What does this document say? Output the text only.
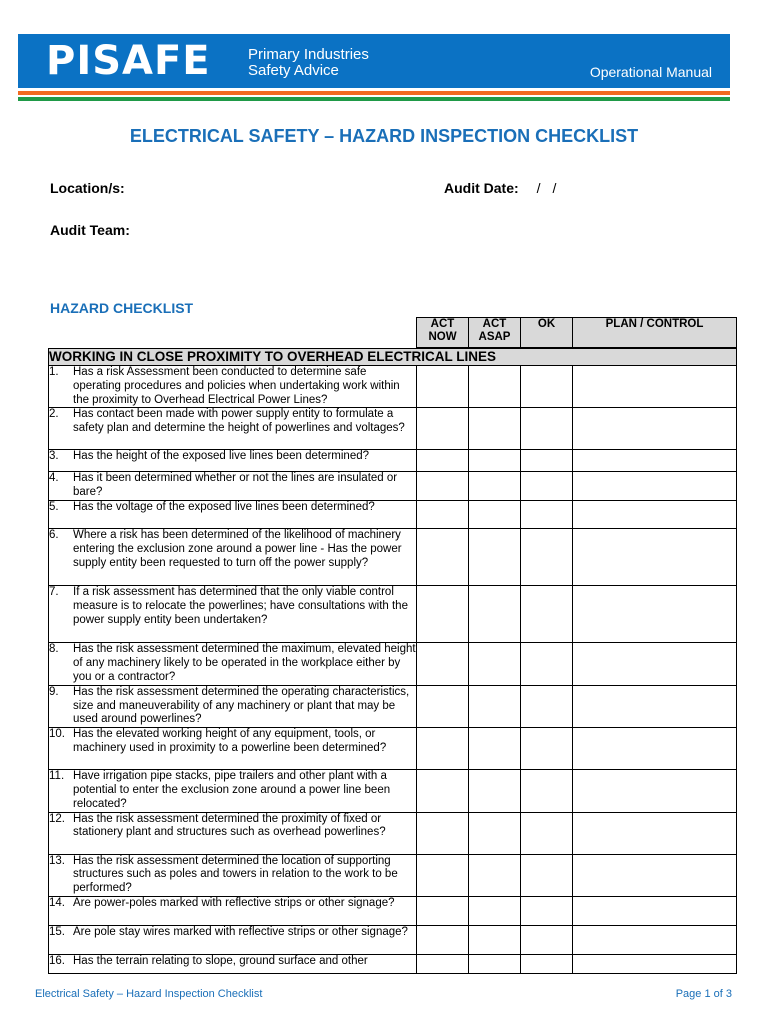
PISAFE Primary Industries
Safety Advice	Operational Manual
ELECTRICAL SAFETY – HAZARD INSPECTION CHECKLIST
Location/s:	Audit Date: / /
Audit Team:
HAZARD CHECKLIST
ACT NOW	ACT ASAP	OK	PLAN / CONTROL
WORKING IN CLOSE PROXIMITY TO OVERHEAD ELECTRICAL LINES				

1. Has a risk Assessment been conducted to determine safe operating procedures and policies when undertaking work within the proximity to Overhead Electrical Power Lines?				

2. Has contact been made with power supply entity to formulate a safety plan and determine the height of powerlines and voltages?				

3. Has the height of the exposed live lines been determined?				

4. Has it been determined whether or not the lines are insulated or bare?				

5. Has the voltage of the exposed live lines been determined?				

6. Where a risk has been determined of the likelihood of machinery entering the exclusion zone around a power line - Has the power supply entity been requested to turn off the power supply?				

7. If a risk assessment has determined that the only viable control measure is to relocate the powerlines; have consultations with the power supply entity been undertaken?				

8. Has the risk assessment determined the maximum, elevated height of any machinery likely to be operated in the workplace either by you or a contractor?				

9. Has the risk assessment determined the operating characteristics, size and maneuverability of any machinery or plant that may be used around powerlines?				

10. Has the elevated working height of any equipment, tools, or machinery used in proximity to a powerline been determined?				

11. Have irrigation pipe stacks, pipe trailers and other plant with a potential to enter the exclusion zone around a power line been relocated?				

12. Has the risk assessment determined the proximity of fixed or stationery plant and structures such as overhead powerlines?				

13. Has the risk assessment determined the location of supporting structures such as poles and towers in relation to the work to be performed?				

14. Are power-poles marked with reflective strips or other signage?				

15. Are pole stay wires marked with reflective strips or other signage?				

16. Has the terrain relating to slope, ground surface and other				

Electrical Safety – Hazard Inspection Checklist	Page 1 of 3
